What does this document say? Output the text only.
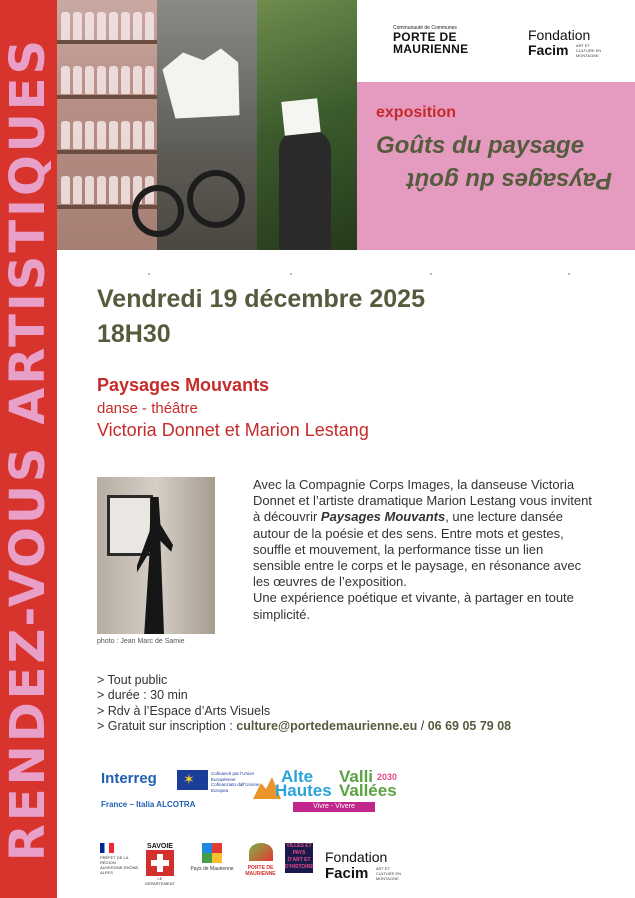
RENDEZ-VOUS ARTISTIQUES
Communauté de Communes
PORTE DE
MAURIENNE
Fondation
Facim ART ET CULTURE EN MONTAGNE
exposition
Goûts du paysage
Paysages du goût
Vendredi 19 décembre 2025
18H30
Paysages Mouvants
danse - théâtre
Victoria Donnet et Marion Lestang
photo : Jean Marc de Samie

Avec la Compagnie Corps Images, la danseuse Victoria Donnet et l’artiste dramatique Marion Lestang vous invitent à découvrir Paysages Mouvants, une lecture dansée autour de la poésie et des sens. Entre mots et gestes, souffle et mouvement, la performance tisse un lien sensible entre le corps et le paysage, en résonance avec les œuvres de l’exposition.

Une expérience poétique et vivante, à partager en toute simplicité.

> Tout public
> durée : 30 min
> Rdv à l’Espace d’Arts Visuels
> Gratuit sur inscription : culture@portedemaurienne.eu / 06 69 05 79 08
Interreg ✶	Cofinancé par l’Union Européenne Cofinanziato dall’Unione Europea
France – Italia ALCOTRA
Alte
Hautes
Valli
Vallées
2030
Vivre - Vivere
PRÉFET DE LA RÉGION AUVERGNE-RHÔNE-ALPES
SAVOIE
LE DÉPARTEMENT
Pays de Maurienne	PORTE DE MAURIENNE
VILLES ET PAYS D’ART ET D’HISTOIRE
Fondation
Facim ART ET CULTURE EN MONTAGNE
